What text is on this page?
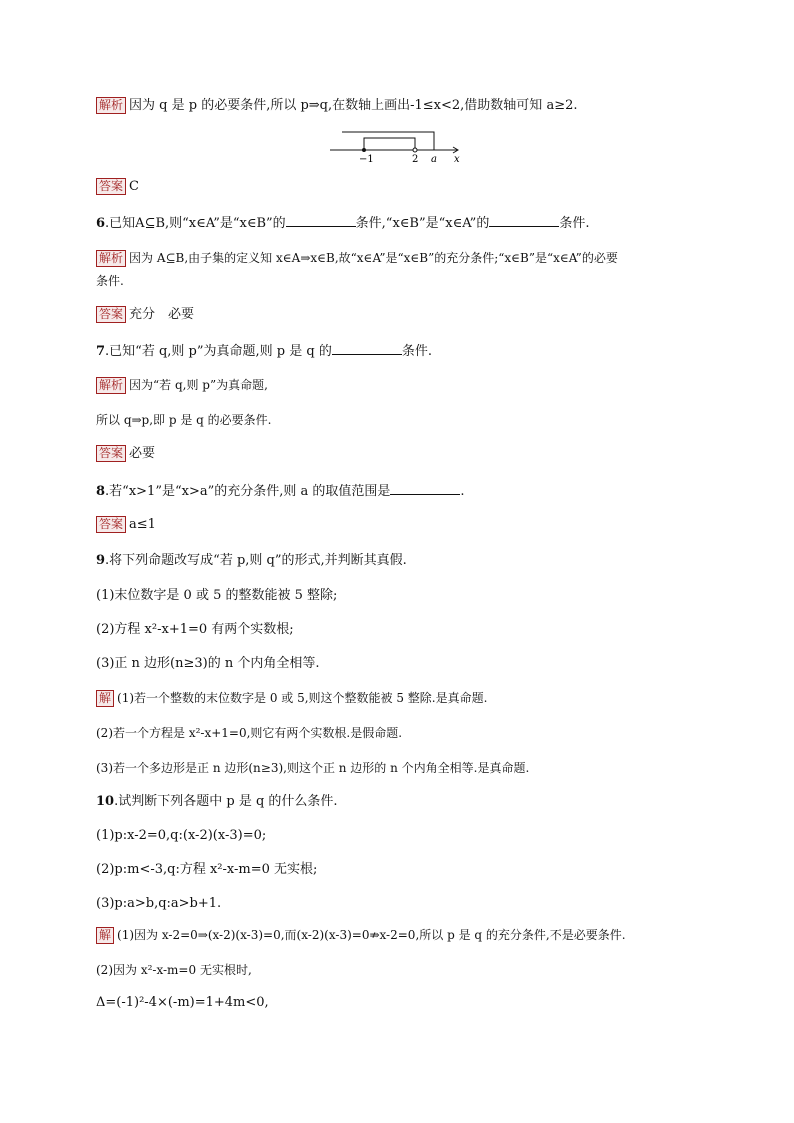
解析 因为 q 是 p 的必要条件,所以 p⇒q,在数轴上画出-1≤x<2,借助数轴可知 a≥2.
−1	2 a x
答案 C
6.已知A⊆B,则“x∈A”是“x∈B”的	条件,“x∈B”是“x∈A”的	条件.
解析 因为 A⊆B,由子集的定义知 x∈A⇒x∈B,故“x∈A”是“x∈B”的充分条件;“x∈B”是“x∈A”的必要
条件.
答案 充分　必要
7.已知“若 q,则 p”为真命题,则 p 是 q 的	条件.
解析 因为“若 q,则 p”为真命题,
所以 q⇒p,即 p 是 q 的必要条件.
答案 必要
8.若“x>1”是“x>a”的充分条件,则 a 的取值范围是	.
答案 a≤1
9.将下列命题改写成“若 p,则 q”的形式,并判断其真假.
(1)末位数字是 0 或 5 的整数能被 5 整除;
(2)方程 x²-x+1=0 有两个实数根;
(3)正 n 边形(n≥3)的 n 个内角全相等.
解 (1)若一个整数的末位数字是 0 或 5,则这个整数能被 5 整除.是真命题.
(2)若一个方程是 x²-x+1=0,则它有两个实数根.是假命题.
(3)若一个多边形是正 n 边形(n≥3),则这个正 n 边形的 n 个内角全相等.是真命题.
10.试判断下列各题中 p 是 q 的什么条件.
(1)p:x-2=0,q:(x-2)(x-3)=0;
(2)p:m<-3,q:方程 x²-x-m=0 无实根;
(3)p:a>b,q:a>b+1.
解 (1)因为 x-2=0⇒(x-2)(x-3)=0,而(x-2)(x-3)=0⇏x-2=0,所以 p 是 q 的充分条件,不是必要条件.
(2)因为 x²-x-m=0 无实根时,
Δ=(-1)²-4×(-m)=1+4m<0,
